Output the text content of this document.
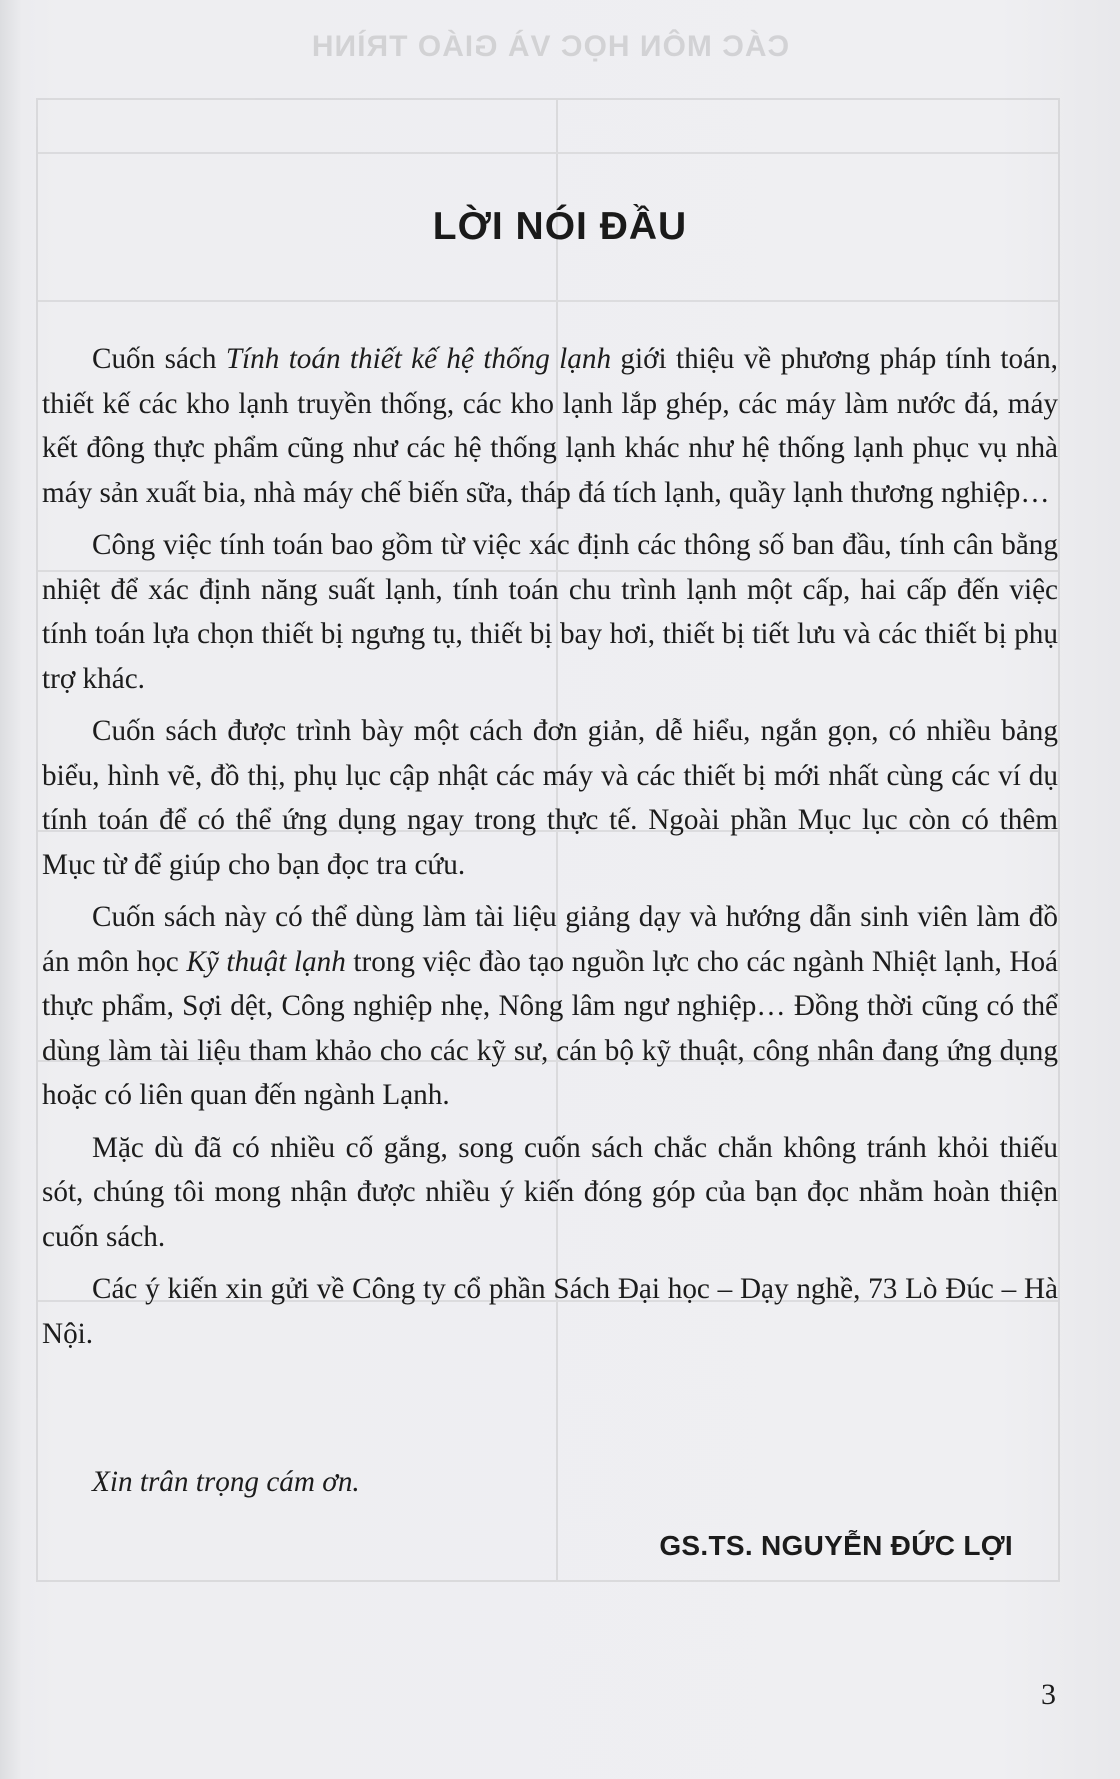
CÁC MÔN HỌC VÀ GIÁO TRÌNH
LỜI NÓI ĐẦU

Cuốn sách Tính toán thiết kế hệ thống lạnh giới thiệu về phương pháp tính toán, thiết kế các kho lạnh truyền thống, các kho lạnh lắp ghép, các máy làm nước đá, máy kết đông thực phẩm cũng như các hệ thống lạnh khác như hệ thống lạnh phục vụ nhà máy sản xuất bia, nhà máy chế biến sữa, tháp đá tích lạnh, quầy lạnh thương nghiệp…

Công việc tính toán bao gồm từ việc xác định các thông số ban đầu, tính cân bằng nhiệt để xác định năng suất lạnh, tính toán chu trình lạnh một cấp, hai cấp đến việc tính toán lựa chọn thiết bị ngưng tụ, thiết bị bay hơi, thiết bị tiết lưu và các thiết bị phụ trợ khác.

Cuốn sách được trình bày một cách đơn giản, dễ hiểu, ngắn gọn, có nhiều bảng biểu, hình vẽ, đồ thị, phụ lục cập nhật các máy và các thiết bị mới nhất cùng các ví dụ tính toán để có thể ứng dụng ngay trong thực tế. Ngoài phần Mục lục còn có thêm Mục từ để giúp cho bạn đọc tra cứu.

Cuốn sách này có thể dùng làm tài liệu giảng dạy và hướng dẫn sinh viên làm đồ án môn học Kỹ thuật lạnh trong việc đào tạo nguồn lực cho các ngành Nhiệt lạnh, Hoá thực phẩm, Sợi dệt, Công nghiệp nhẹ, Nông lâm ngư nghiệp… Đồng thời cũng có thể dùng làm tài liệu tham khảo cho các kỹ sư, cán bộ kỹ thuật, công nhân đang ứng dụng hoặc có liên quan đến ngành Lạnh.

Mặc dù đã có nhiều cố gắng, song cuốn sách chắc chắn không tránh khỏi thiếu sót, chúng tôi mong nhận được nhiều ý kiến đóng góp của bạn đọc nhằm hoàn thiện cuốn sách.

Các ý kiến xin gửi về Công ty cổ phần Sách Đại học – Dạy nghề, 73 Lò Đúc – Hà Nội.

Xin trân trọng cám ơn.

GS.TS. NGUYỄN ĐỨC LỢI

3
